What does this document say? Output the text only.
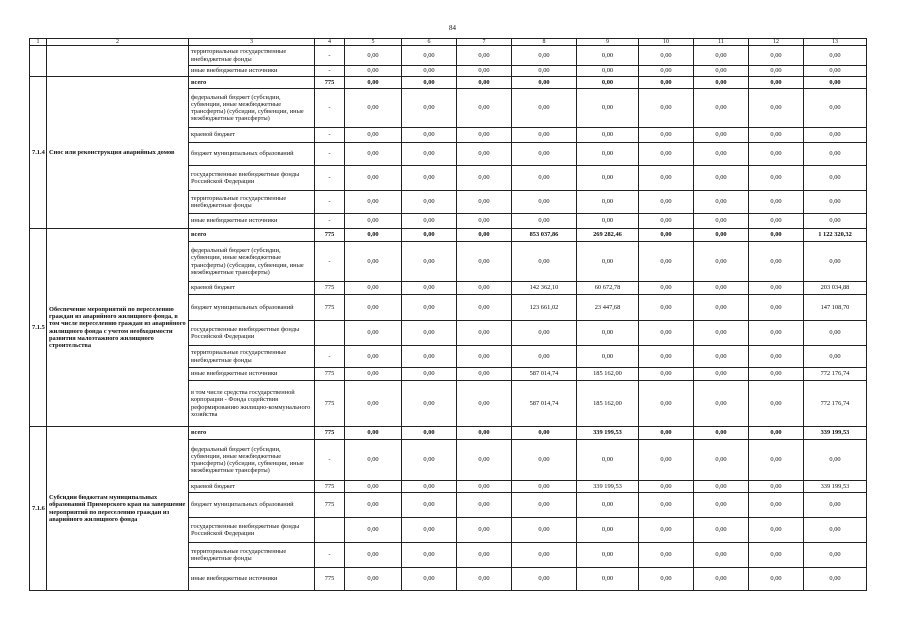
84
1	2	3	4	5	6	7	8	9	10	11	12	13
		территориальные государственные внебюджетные фонды	-	0,00	0,00	0,00	0,00	0,00	0,00	0,00	0,00	0,00
		иные внебюджетные источники	-	0,00	0,00	0,00	0,00	0,00	0,00	0,00	0,00	0,00
7.1.4	Снос или реконструкция аварийных домов	всего	775	0,00	0,00	0,00	0,00	0,00	0,00	0,00	0,00	0,00
		федеральный бюджет (субсидии, субвенции, иные межбюджетные трансферты) (субсидии, субвенции, иные межбюджетные трансферты)	-	0,00	0,00	0,00	0,00	0,00	0,00	0,00	0,00	0,00
		краевой бюджет	-	0,00	0,00	0,00	0,00	0,00	0,00	0,00	0,00	0,00
		бюджет муниципальных образований	-	0,00	0,00	0,00	0,00	0,00	0,00	0,00	0,00	0,00
		государственные внебюджетные фонды Российской Федерации	-	0,00	0,00	0,00	0,00	0,00	0,00	0,00	0,00	0,00
		территориальные государственные внебюджетные фонды	-	0,00	0,00	0,00	0,00	0,00	0,00	0,00	0,00	0,00
		иные внебюджетные источники	-	0,00	0,00	0,00	0,00	0,00	0,00	0,00	0,00	0,00
7.1.5	Обеспечение мероприятий по переселению граждан из аварийного жилищного фонда, в том числе переселению граждан из аварийного жилищного фонда с учетом необходимости развития малоэтажного жилищного строительства	всего	775	0,00	0,00	0,00	853 037,86	269 282,46	0,00	0,00	0,00	1 122 320,32
		федеральный бюджет (субсидии, субвенции, иные межбюджетные трансферты) (субсидии, субвенции, иные межбюджетные трансферты)	-	0,00	0,00	0,00	0,00	0,00	0,00	0,00	0,00	0,00
		краевой бюджет	775	0,00	0,00	0,00	142 362,10	60 672,78	0,00	0,00	0,00	203 034,88
		бюджет муниципальных образований	775	0,00	0,00	0,00	123 661,02	23 447,68	0,00	0,00	0,00	147 108,70
		государственные внебюджетные фонды Российской Федерации		0,00	0,00	0,00	0,00	0,00	0,00	0,00	0,00	0,00
		территориальные государственные внебюджетные фонды	-	0,00	0,00	0,00	0,00	0,00	0,00	0,00	0,00	0,00
		иные внебюджетные источники	775	0,00	0,00	0,00	587 014,74	185 162,00	0,00	0,00	0,00	772 176,74
		в том числе средства государственной корпорации - Фонда содействия реформированию жилищно-коммунального хозяйства	775	0,00	0,00	0,00	587 014,74	185 162,00	0,00	0,00	0,00	772 176,74
7.1.6	Субсидии бюджетам муниципальных образований Приморского края на завершение мероприятий по переселению граждан из аварийного жилищного фонда	всего	775	0,00	0,00	0,00	0,00	339 199,53	0,00	0,00	0,00	339 199,53
		федеральный бюджет (субсидии, субвенции, иные межбюджетные трансферты) (субсидии, субвенции, иные межбюджетные трансферты)	-	0,00	0,00	0,00	0,00	0,00	0,00	0,00	0,00	0,00
		краевой бюджет	775	0,00	0,00	0,00	0,00	339 199,53	0,00	0,00	0,00	339 199,53
		бюджет муниципальных образований	775	0,00	0,00	0,00	0,00	0,00	0,00	0,00	0,00	0,00
		государственные внебюджетные фонды Российской Федерации		0,00	0,00	0,00	0,00	0,00	0,00	0,00	0,00	0,00
		территориальные государственные внебюджетные фонды	-	0,00	0,00	0,00	0,00	0,00	0,00	0,00	0,00	0,00
		иные внебюджетные источники	775	0,00	0,00	0,00	0,00	0,00	0,00	0,00	0,00	0,00
